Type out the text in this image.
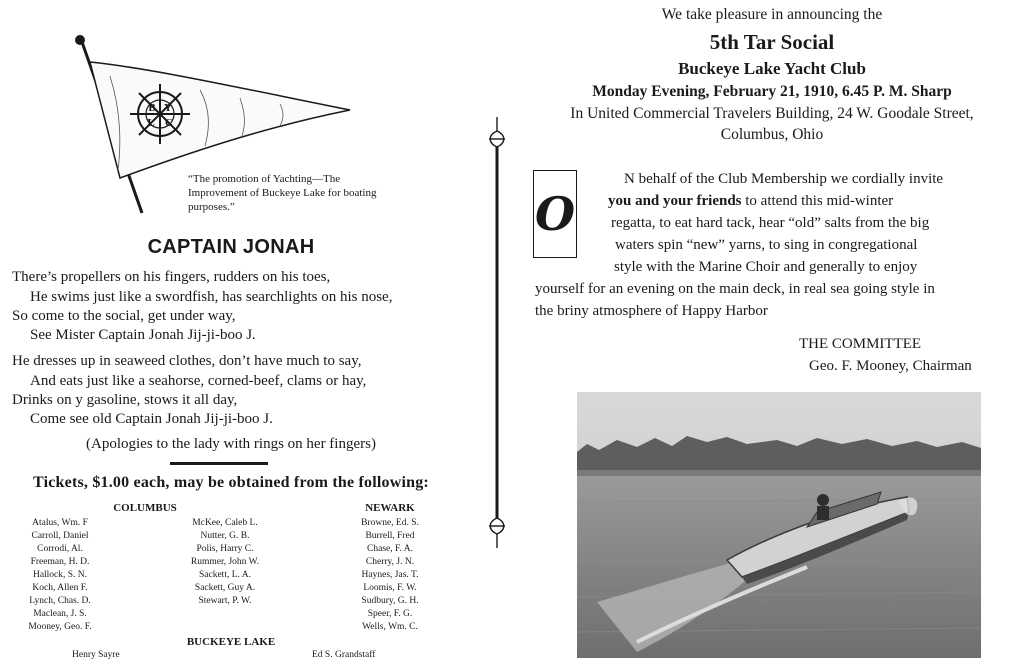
B
L
Y
C
“The promotion of Yachting—The Improvement of Buckeye Lake for boating purposes.”
CAPTAIN JONAH
There’s propellers on his fingers, rudders on his toes,
He swims just like a swordfish, has searchlights on his nose,
So come to the social, get under way,
See Mister Captain Jonah Jij-ji-boo J.
He dresses up in seaweed clothes, don’t have much to say,
And eats just like a seahorse, corned-beef, clams or hay,
Drinks on y gasoline, stows it all day,
Come see old Captain Jonah Jij-ji-boo J.
(Apologies to the lady with rings on her fingers)
Tickets, $1.00 each, may be obtained from the following:
COLUMBUS	NEWARK
Atalus, Wm. F
Carroll, Daniel
Corrodi, Al.
Freeman, H. D.
Hallock, S. N.
Koch, Allen F.
Lynch, Chas. D.
Maclean, J. S.
Mooney, Geo. F.
McKee, Caleb L.
Nutter, G. B.
Polis, Harry C.
Rummer, John W.
Sackett, L. A.
Sackett, Guy A.
Stewart, P. W.
Browne, Ed. S.
Burrell, Fred
Chase, F. A.
Cherry, J. N.
Haynes, Jas. T.
Loomis, F. W.
Sudbury, G. H.
Speer, F. G.
Wells, Wm. C.
BUCKEYE LAKE
Henry Sayre	Ed S. Grandstaff
We take pleasure in announcing the
5th Tar Social
Buckeye Lake Yacht Club
Monday Evening, February 21, 1910, 6.45 P. M. Sharp
In United Commercial Travelers Building, 24 W. Goodale Street,
Columbus, Ohio
O
N behalf of the Club Membership we cordially invite
you and your friends to attend this mid-winter
regatta, to eat hard tack, hear “old” salts from the big
waters spin “new” yarns, to sing in congregational
style with the Marine Choir and generally to enjoy
yourself for an evening on the main deck, in real sea going style in
the briny atmosphere of Happy Harbor
THE COMMITTEE
Geo. F. Mooney, Chairman
